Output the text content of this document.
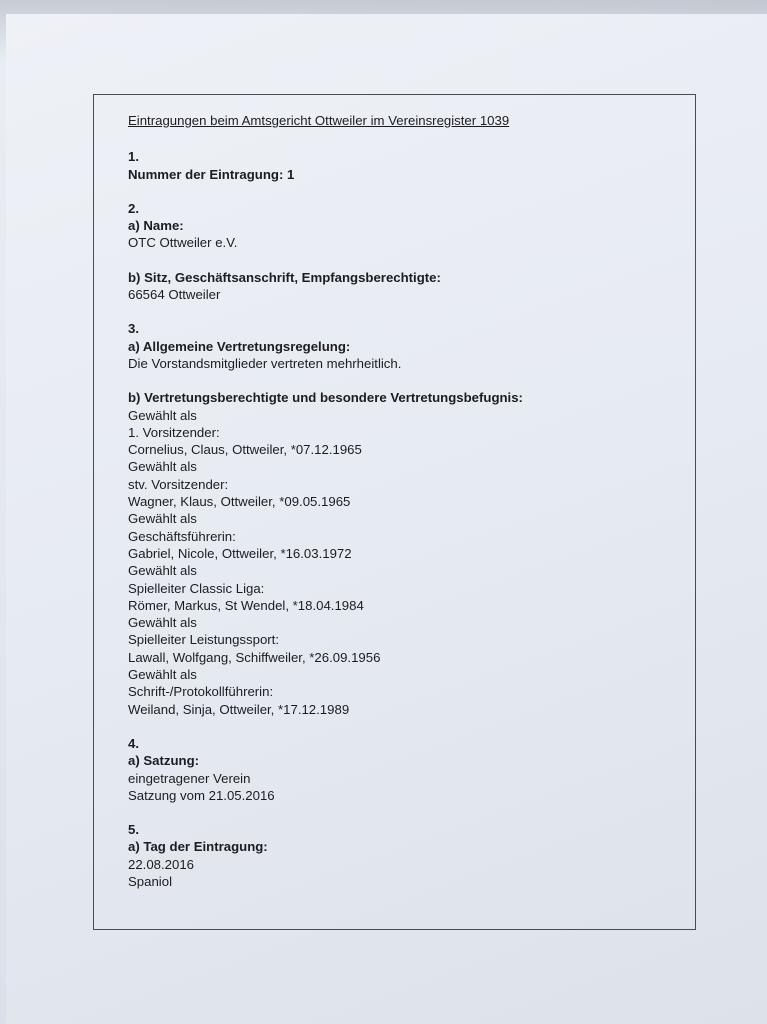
Eintragungen beim Amtsgericht Ottweiler im Vereinsregister 1039

1.

Nummer der Eintragung: 1

2.

a) Name:

OTC Ottweiler e.V.

b) Sitz, Geschäftsanschrift, Empfangsberechtigte:

66564 Ottweiler

3.

a) Allgemeine Vertretungsregelung:

Die Vorstandsmitglieder vertreten mehrheitlich.

b) Vertretungsberechtigte und besondere Vertretungsbefugnis:

Gewählt als

1. Vorsitzender:

Cornelius, Claus, Ottweiler, *07.12.1965

Gewählt als

stv. Vorsitzender:

Wagner, Klaus, Ottweiler, *09.05.1965

Gewählt als

Geschäftsführerin:

Gabriel, Nicole, Ottweiler, *16.03.1972

Gewählt als

Spielleiter Classic Liga:

Römer, Markus, St Wendel, *18.04.1984

Gewählt als

Spielleiter Leistungssport:

Lawall, Wolfgang, Schiffweiler, *26.09.1956

Gewählt als

Schrift-/Protokollführerin:

Weiland, Sinja, Ottweiler, *17.12.1989

4.

a) Satzung:

eingetragener Verein

Satzung vom 21.05.2016

5.

a) Tag der Eintragung:

22.08.2016

Spaniol
